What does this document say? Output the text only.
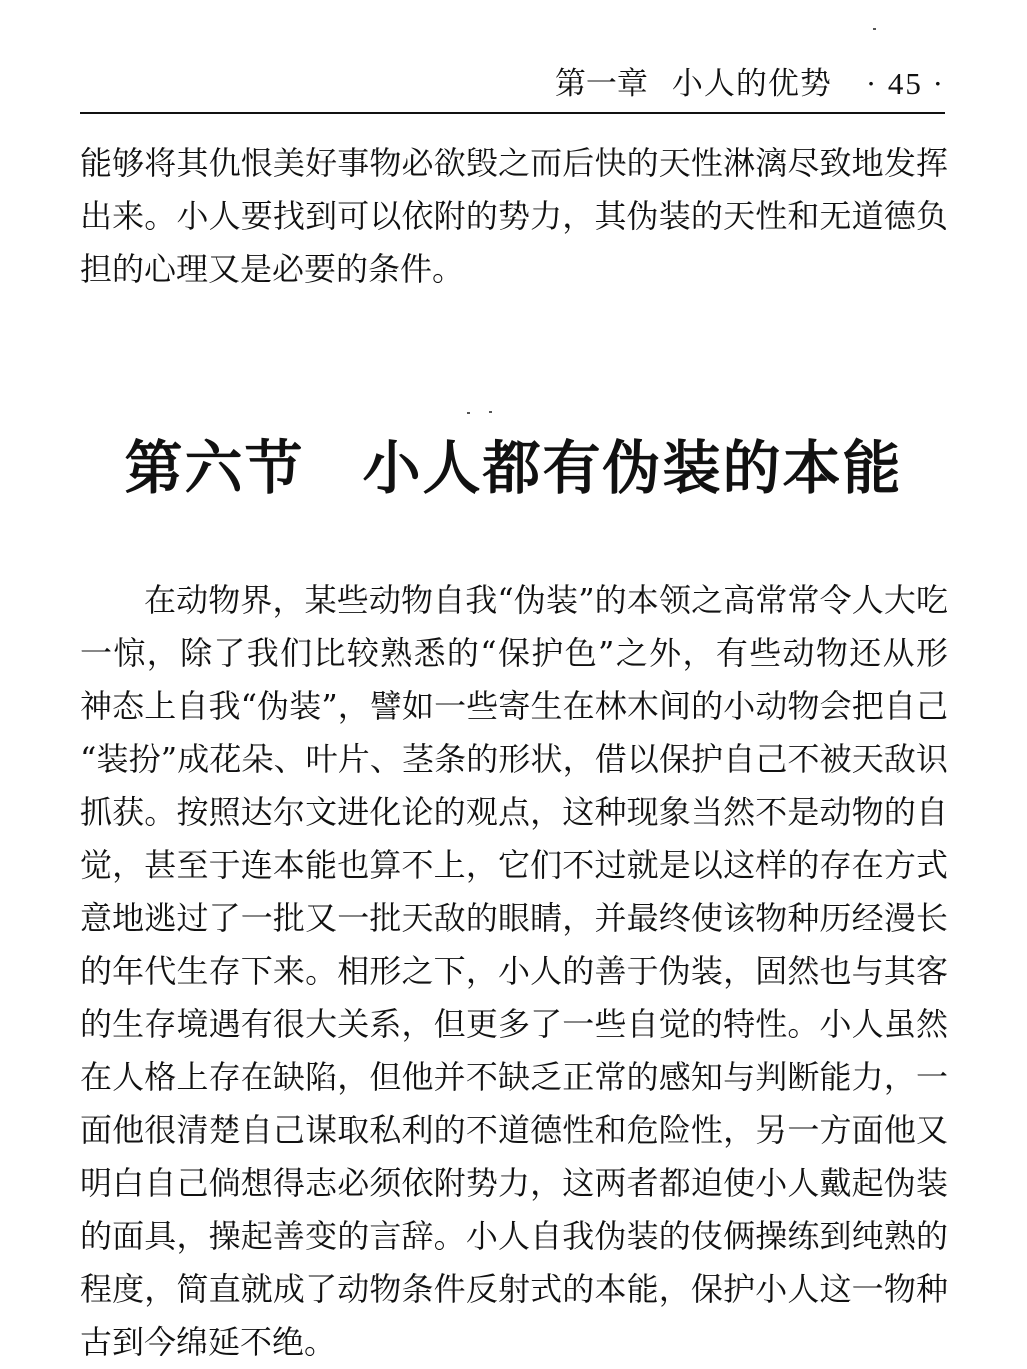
第一章 小人的优势 · 45 ·
能够将其仇恨美好事物必欲毁之而后快的天性淋漓尽致地发挥
出来。小人要找到可以依附的势力，其伪装的天性和无道德负
担的心理又是必要的条件。
第六节 小人都有伪装的本能
在动物界，某些动物自我“伪装”的本领之高常常令人大吃
一惊，除了我们比较熟悉的“保护色”之外，有些动物还从形
神态上自我“伪装”，譬如一些寄生在林木间的小动物会把自己
“装扮”成花朵、叶片、茎条的形状，借以保护自己不被天敌识
抓获。按照达尔文进化论的观点，这种现象当然不是动物的自
觉，甚至于连本能也算不上，它们不过就是以这样的存在方式
意地逃过了一批又一批天敌的眼睛，并最终使该物种历经漫长
的年代生存下来。相形之下，小人的善于伪装，固然也与其客
的生存境遇有很大关系，但更多了一些自觉的特性。小人虽然
在人格上存在缺陷，但他并不缺乏正常的感知与判断能力，一
面他很清楚自己谋取私利的不道德性和危险性，另一方面他又
明白自己倘想得志必须依附势力，这两者都迫使小人戴起伪装
的面具，操起善变的言辞。小人自我伪装的伎俩操练到纯熟的
程度，简直就成了动物条件反射式的本能，保护小人这一物种
古到今绵延不绝。
